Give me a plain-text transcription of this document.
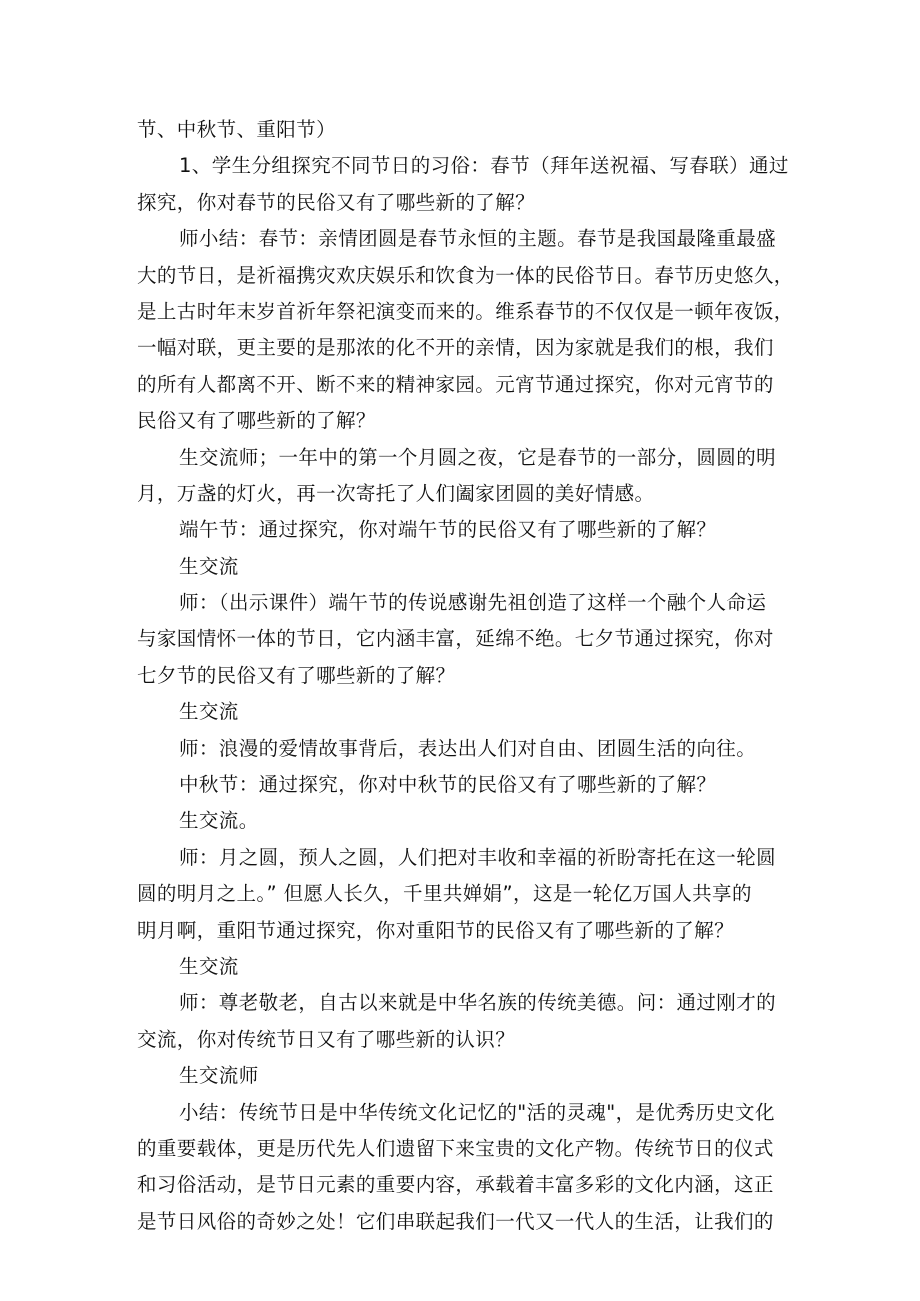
节、中秋节、重阳节）
1、学生分组探究不同节日的习俗：春节（拜年送祝福、写春联）通过
探究，你对春节的民俗又有了哪些新的了解？
师小结：春节：亲情团圆是春节永恒的主题。春节是我国最隆重最盛
大的节日，是祈福携灾欢庆娱乐和饮食为一体的民俗节日。春节历史悠久，
是上古时年末岁首祈年祭祀演变而来的。维系春节的不仅仅是一顿年夜饭，
一幅对联，更主要的是那浓的化不开的亲情，因为家就是我们的根，我们
的所有人都离不开、断不来的精神家园。元宵节通过探究，你对元宵节的
民俗又有了哪些新的了解？
生交流师；一年中的第一个月圆之夜，它是春节的一部分，圆圆的明
月，万盏的灯火，再一次寄托了人们阖家团圆的美好情感。
端午节：通过探究，你对端午节的民俗又有了哪些新的了解？
生交流
师：（出示课件）端午节的传说感谢先祖创造了这样一个融个人命运
与家国情怀一体的节日，它内涵丰富，延绵不绝。七夕节通过探究，你对
七夕节的民俗又有了哪些新的了解？
生交流
师：浪漫的爱情故事背后，表达出人们对自由、团圆生活的向往。
中秋节：通过探究，你对中秋节的民俗又有了哪些新的了解？
生交流。
师：月之圆，预人之圆，人们把对丰收和幸福的祈盼寄托在这一轮圆
圆的明月之上。” 但愿人长久，千里共婵娟”，这是一轮亿万国人共享的
明月啊，重阳节通过探究，你对重阳节的民俗又有了哪些新的了解？
生交流
师：尊老敬老，自古以来就是中华名族的传统美德。问：通过刚才的
交流，你对传统节日又有了哪些新的认识？
生交流师
小结：传统节日是中华传统文化记忆的"活的灵魂"，是优秀历史文化
的重要载体，更是历代先人们遗留下来宝贵的文化产物。传统节日的仪式
和习俗活动，是节日元素的重要内容，承载着丰富多彩的文化内涵，这正
是节日风俗的奇妙之处！它们串联起我们一代又一代人的生活，让我们的
